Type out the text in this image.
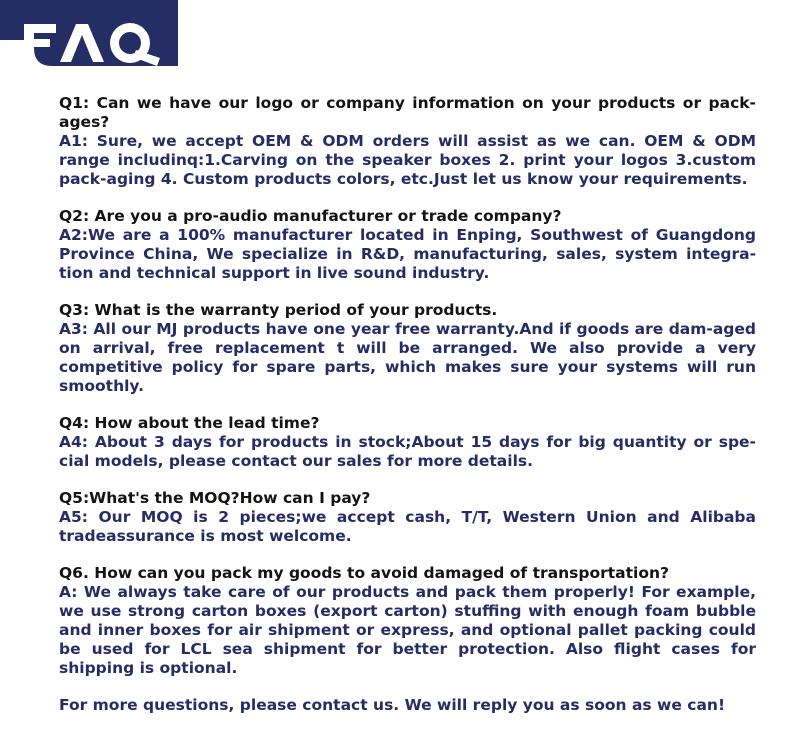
Q1: Can we have our logo or company information on your products or pack-ages?

A1: Sure, we accept OEM & ODM orders will assist as we can. OEM & ODM range includinq:1.Carving on the speaker boxes 2. print your logos 3.custom pack-aging 4. Custom products colors, etc.Just let us know your requirements.

Q2: Are you a pro-audio manufacturer or trade company?

A2:We are a 100% manufacturer located in Enping, Southwest of Guangdong Province China, We specialize in R&D, manufacturing, sales, system integra-tion and technical support in live sound industry.

Q3: What is the warranty period of your products.

A3: All our MJ products have one year free warranty.And if goods are dam-aged on arrival, free replacement t will be arranged. We also provide a very competitive policy for spare parts, which makes sure your systems will run smoothly.

Q4: How about the lead time?

A4: About 3 days for products in stock;About 15 days for big quantity or spe-cial models, please contact our sales for more details.

Q5:What's the MOQ?How can I pay?

A5: Our MOQ is 2 pieces;we accept cash, T/T, Western Union and Alibaba tradeassurance is most welcome.

Q6. How can you pack my goods to avoid damaged of transportation?

A: We always take care of our products and pack them properly! For example, we use strong carton boxes (export carton) stuffing with enough foam bubble and inner boxes for air shipment or express, and optional pallet packing could be used for LCL sea shipment for better protection. Also flight cases for shipping is optional.

For more questions, please contact us. We will reply you as soon as we can!
